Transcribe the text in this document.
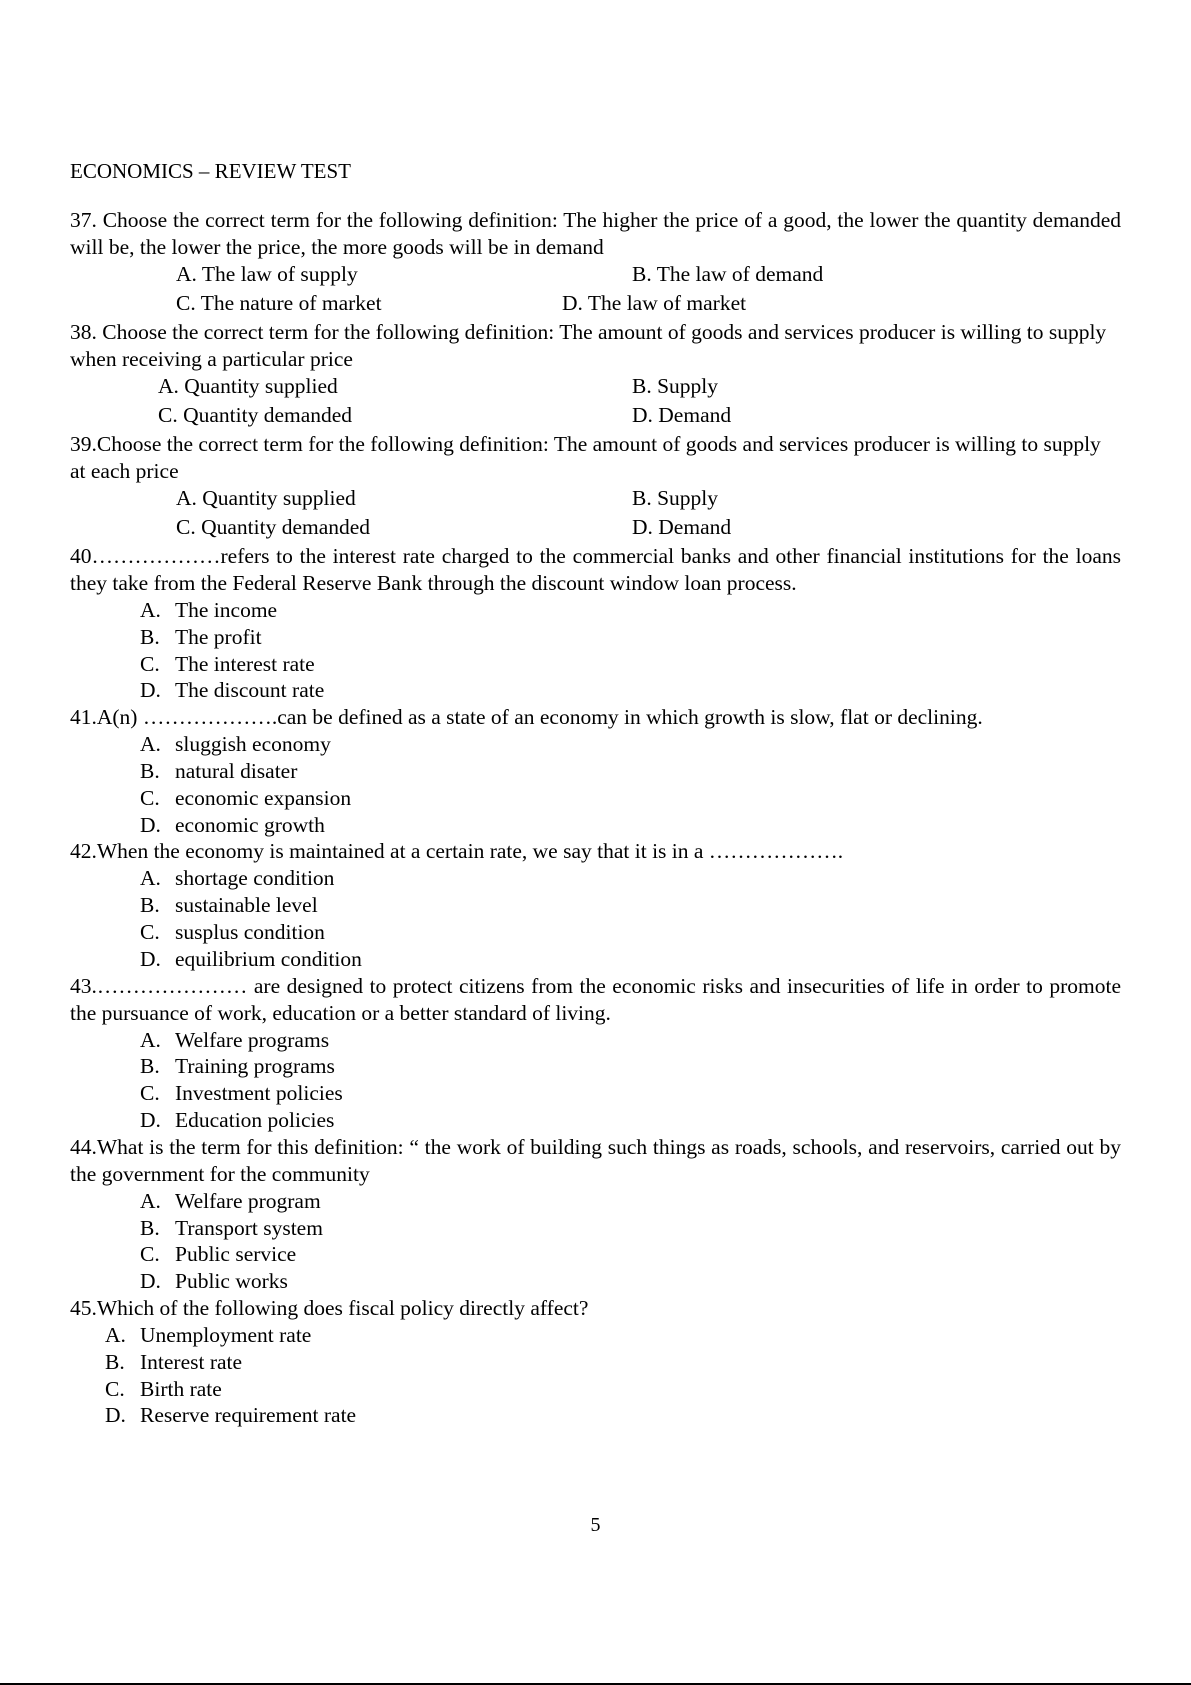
ECONOMICS – REVIEW TEST

37. Choose the correct term for the following definition: The higher the price of a good, the lower the quantity demanded will be, the lower the price, the more goods will be in demand

A. The law of supply	B. The law of demand
C. The nature of market	D. The law of market

38. Choose the correct term for the following definition: The amount of goods and services producer is willing to supply when receiving a particular price

A. Quantity supplied	B. Supply
C. Quantity demanded	D. Demand

39.Choose the correct term for the following definition: The amount of goods and services producer is willing to supply at each price

A. Quantity supplied	B. Supply
C. Quantity demanded	D. Demand

40………………refers to the interest rate charged to the commercial banks and other financial institutions for the loans they take from the Federal Reserve Bank through the discount window loan process.

A. The income
B. The profit
C. The interest rate
D. The discount rate

41.A(n) ……………….can be defined as a state of an economy in which growth is slow, flat or declining.

A. sluggish economy
B. natural disater
C. economic expansion
D. economic growth

42.When the economy is maintained at a certain rate, we say that it is in a ……………….

A. shortage condition
B. sustainable level
C. susplus condition
D. equilibrium condition

43.………………… are designed to protect citizens from the economic risks and insecurities of life in order to promote the pursuance of work, education or a better standard of living.

A. Welfare programs
B. Training programs
C. Investment policies
D. Education policies

44.What is the term for this definition: “ the work of building such things as roads, schools, and reservoirs, carried out by the government for the community

A. Welfare program
B. Transport system
C. Public service
D. Public works

45.Which of the following does fiscal policy directly affect?

A. Unemployment rate
B. Interest rate
C. Birth rate
D. Reserve requirement rate
5
